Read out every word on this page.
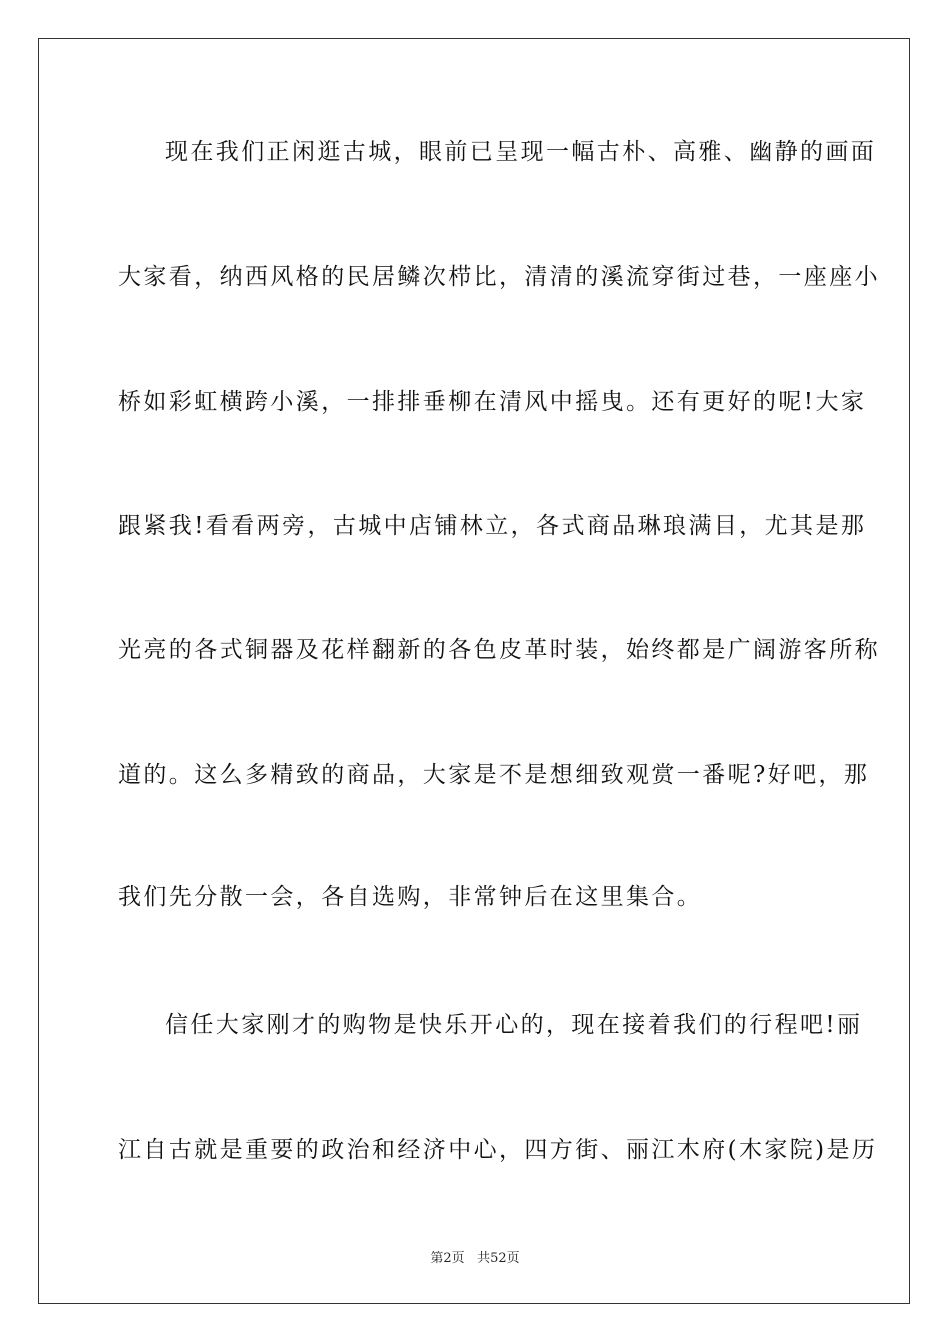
现在我们正闲逛古城，眼前已呈现一幅古朴、高雅、幽静的画面
大家看，纳西风格的民居鳞次栉比，清清的溪流穿街过巷，一座座小
桥如彩虹横跨小溪，一排排垂柳在清风中摇曳。还有更好的呢!大家
跟紧我!看看两旁，古城中店铺林立，各式商品琳琅满目，尤其是那
光亮的各式铜器及花样翻新的各色皮革时装，始终都是广阔游客所称
道的。这么多精致的商品，大家是不是想细致观赏一番呢?好吧，那
我们先分散一会，各自选购，非常钟后在这里集合。
信任大家刚才的购物是快乐开心的，现在接着我们的行程吧!丽
江自古就是重要的政治和经济中心，四方街、丽江木府(木家院)是历
第2页 共52页
